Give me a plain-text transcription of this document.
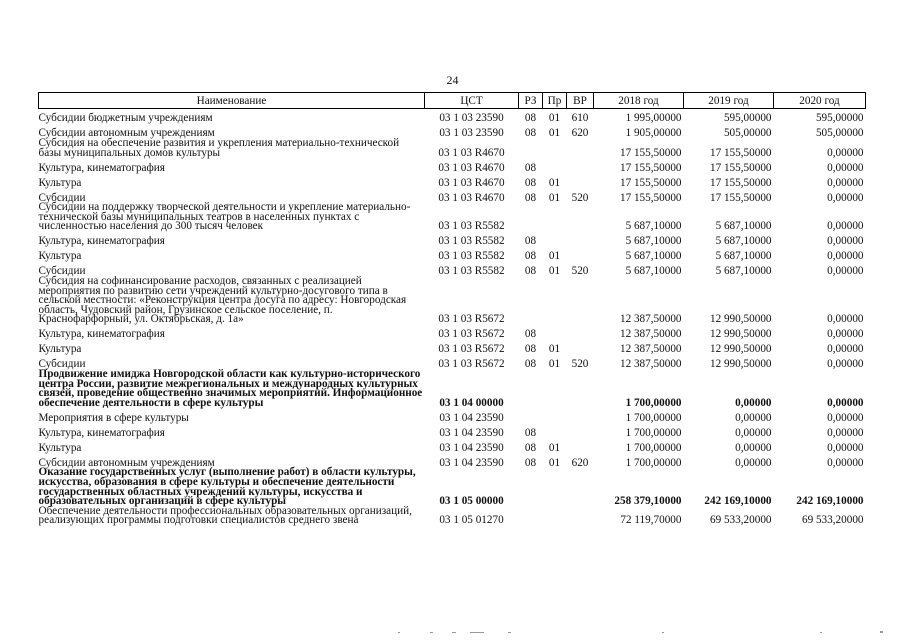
24
Наименование	ЦСТ	РЗ	Пр	ВР	2018 год	2019 год	2020 год
Субсидии бюджетным учреждениям	03 1 03 23590	08	01	610	1 995,00000	595,00000	595,00000
Субсидии автономным учреждениям	03 1 03 23590	08	01	620	1 905,00000	505,00000	505,00000
Субсидия на обеспечение развития и укрепления материально-технической базы муниципальных домов культуры	03 1 03 R4670				17 155,50000	17 155,50000	0,00000
Культура, кинематография	03 1 03 R4670	08			17 155,50000	17 155,50000	0,00000
Культура	03 1 03 R4670	08	01		17 155,50000	17 155,50000	0,00000
Субсидии	03 1 03 R4670	08	01	520	17 155,50000	17 155,50000	0,00000
Субсидии на поддержку творческой деятельности и укрепление материально-технической базы муниципальных театров в населенных пунктах с численностью населения до 300 тысяч человек	03 1 03 R5582				5 687,10000	5 687,10000	0,00000
Культура, кинематография	03 1 03 R5582	08			5 687,10000	5 687,10000	0,00000
Культура	03 1 03 R5582	08	01		5 687,10000	5 687,10000	0,00000
Субсидии	03 1 03 R5582	08	01	520	5 687,10000	5 687,10000	0,00000
Субсидия на софинансирование расходов, связанных с реализацией мероприятия по развитию сети учреждений культурно-досугового типа в сельской местности: «Реконструкция центра досуга по адресу: Новгородская область, Чудовский район, Грузинское сельское поселение, п. Краснофарфорный, ул. Октябрьская, д. 1а»	03 1 03 R5672				12 387,50000	12 990,50000	0,00000
Культура, кинематография	03 1 03 R5672	08			12 387,50000	12 990,50000	0,00000
Культура	03 1 03 R5672	08	01		12 387,50000	12 990,50000	0,00000
Субсидии	03 1 03 R5672	08	01	520	12 387,50000	12 990,50000	0,00000
Продвижение имиджа Новгородской области как культурно-исторического центра России, развитие межрегиональных и международных культурных связей, проведение общественно значимых мероприятий. Информационное обеспечение деятельности в сфере культуры	03 1 04 00000				1 700,00000	0,00000	0,00000
Мероприятия в сфере культуры	03 1 04 23590				1 700,00000	0,00000	0,00000
Культура, кинематография	03 1 04 23590	08			1 700,00000	0,00000	0,00000
Культура	03 1 04 23590	08	01		1 700,00000	0,00000	0,00000
Субсидии автономным учреждениям	03 1 04 23590	08	01	620	1 700,00000	0,00000	0,00000
Оказание государственных услуг (выполнение работ) в области культуры, искусства, образования в сфере культуры и обеспечение деятельности государственных областных учреждений культуры, искусства и образовательных организаций в сфере культуры	03 1 05 00000				258 379,10000	242 169,10000	242 169,10000
Обеспечение деятельности профессиональных образовательных организаций, реализующих программы подготовки специалистов среднего звена	03 1 05 01270				72 119,70000	69 533,20000	69 533,20000
